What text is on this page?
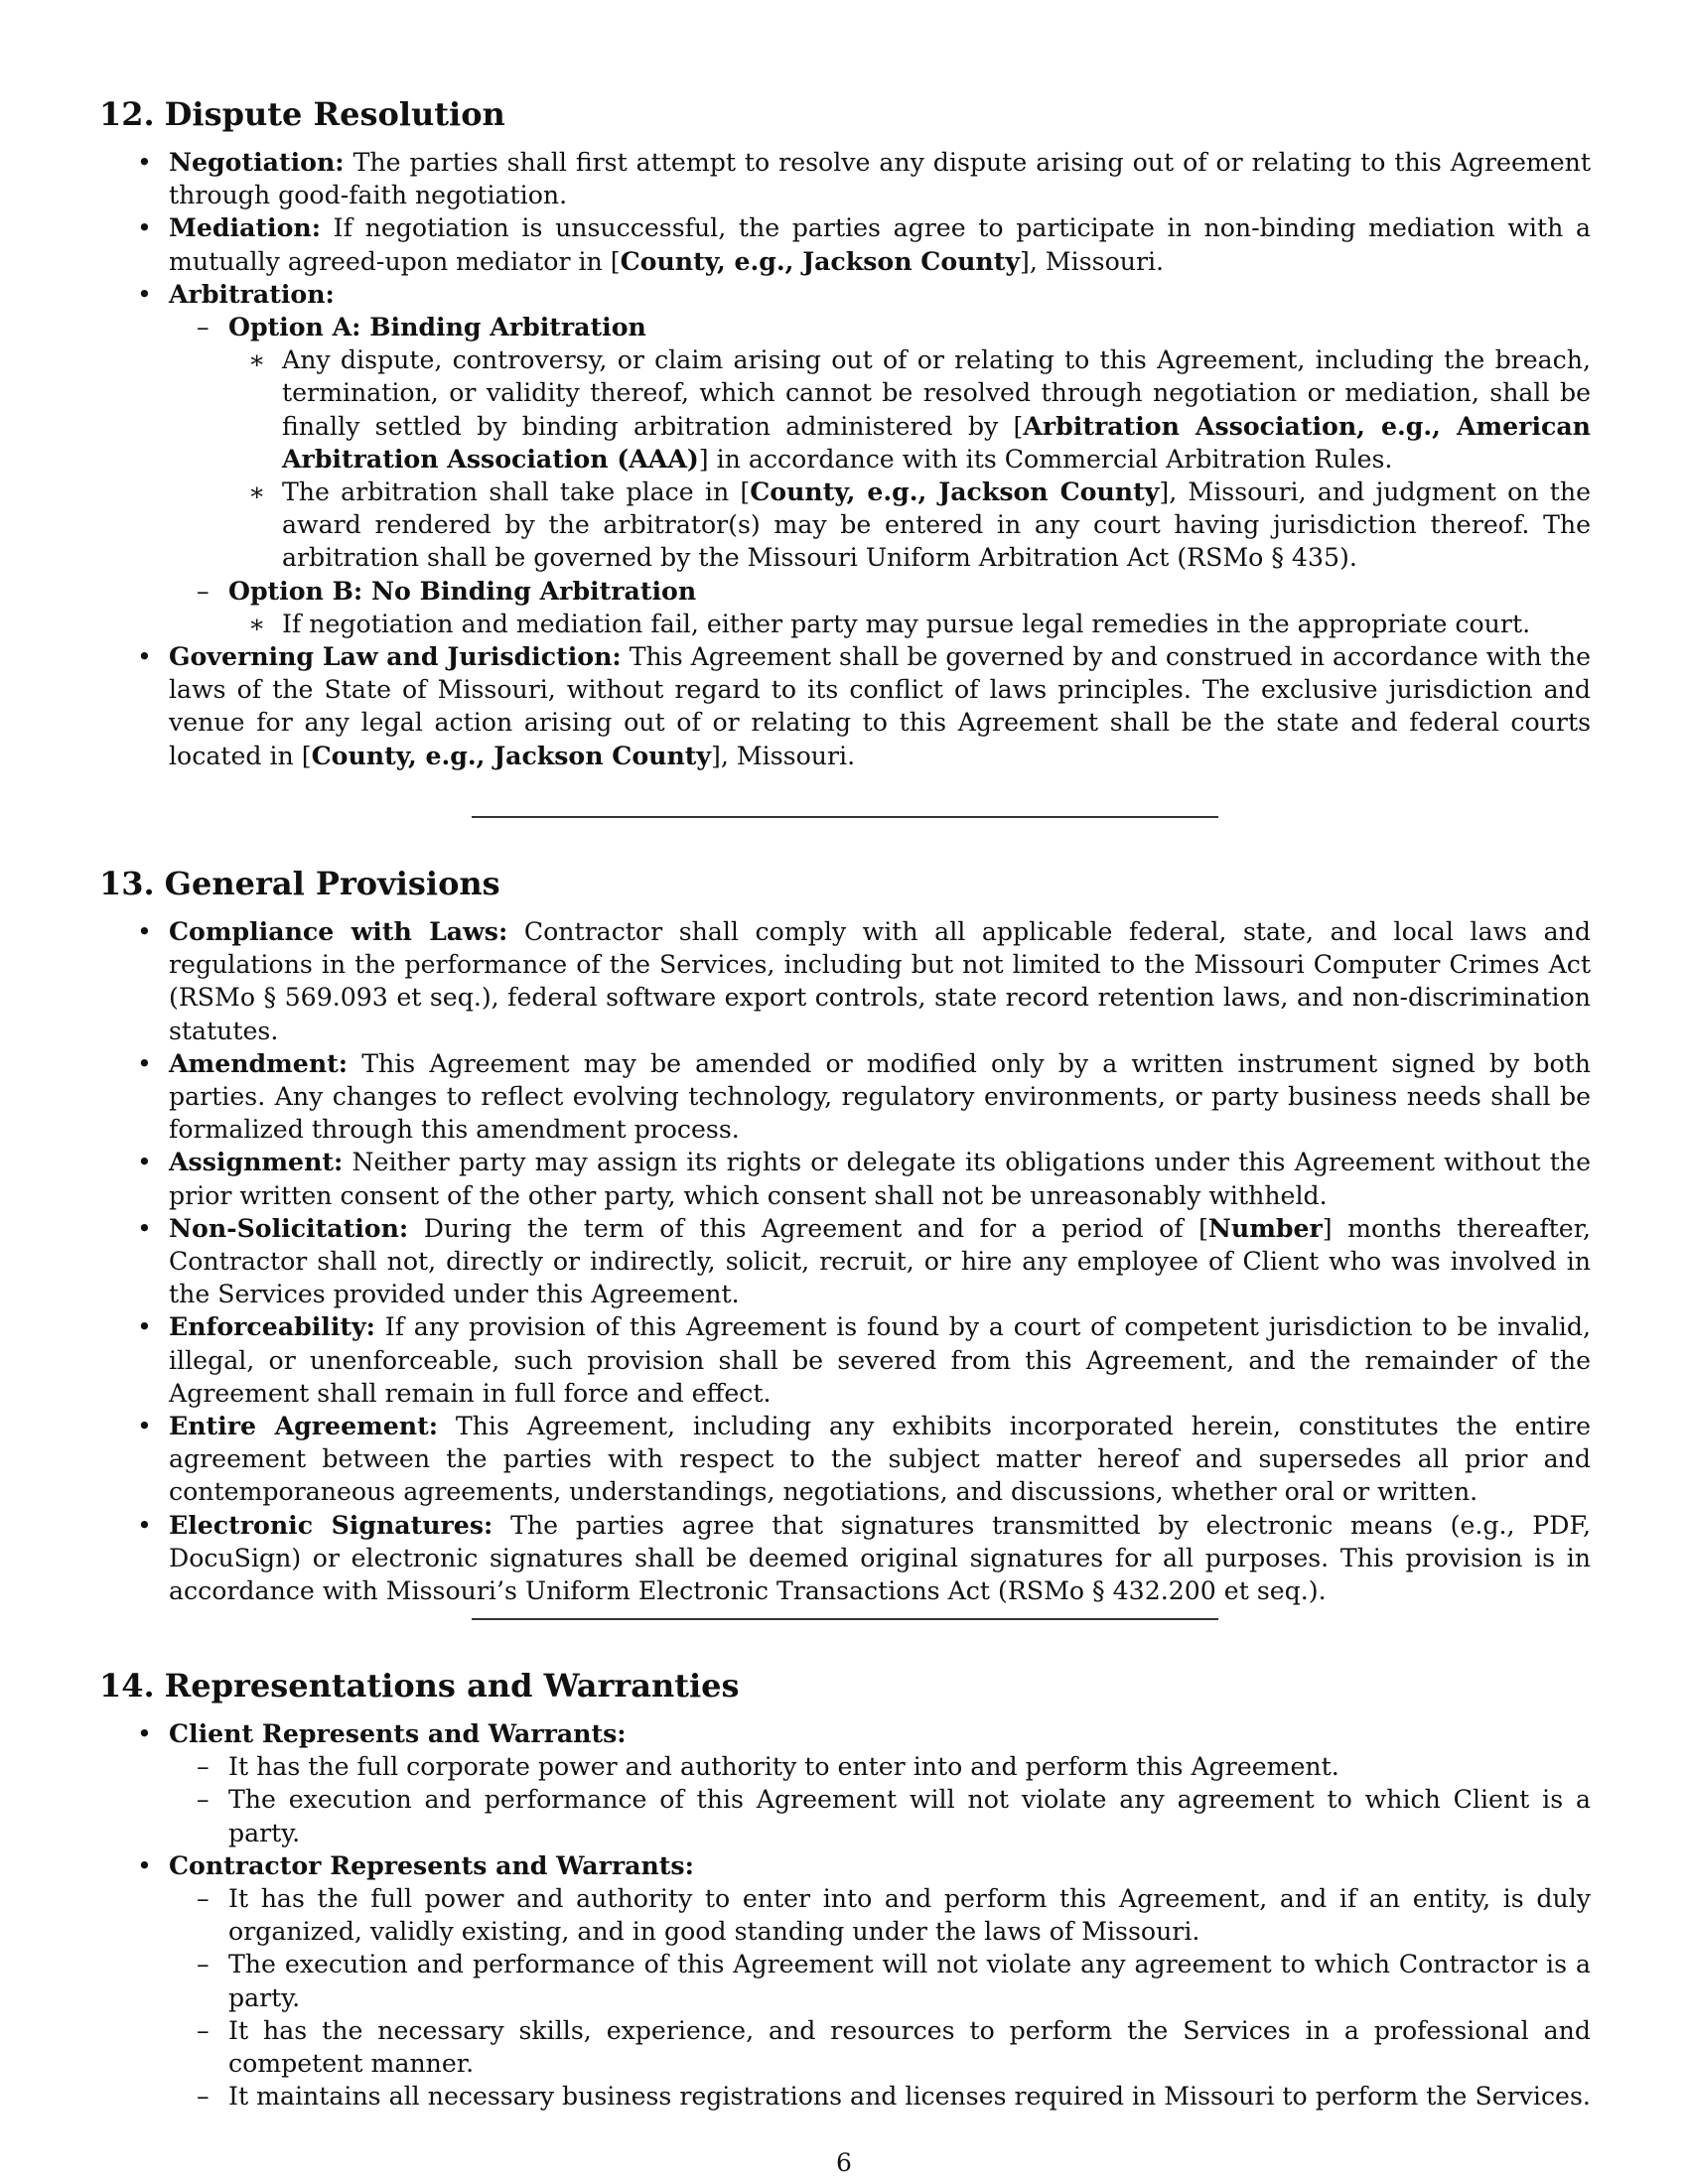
12. Dispute Resolution
• Negotiation: The parties shall first attempt to resolve any dispute arising out of or relating to this Agreement through good-faith negotiation.
• Mediation: If negotiation is unsuccessful, the parties agree to participate in non-binding mediation with a mutually agreed-upon mediator in [County, e.g., Jackson County], Missouri.
• Arbitration:
– Option A: Binding Arbitration
∗ Any dispute, controversy, or claim arising out of or relating to this Agreement, including the breach, termination, or validity thereof, which cannot be resolved through negotiation or mediation, shall be finally settled by binding arbitration administered by [Arbitration Association, e.g., American Arbitration Association (AAA)] in accordance with its Commercial Arbitration Rules.
∗ The arbitration shall take place in [County, e.g., Jackson County], Missouri, and judgment on the award rendered by the arbitrator(s) may be entered in any court having jurisdiction thereof. The arbitration shall be governed by the Missouri Uniform Arbitration Act (RSMo § 435).
– Option B: No Binding Arbitration
∗ If negotiation and mediation fail, either party may pursue legal remedies in the appropriate court.
• Governing Law and Jurisdiction: This Agreement shall be governed by and construed in accordance with the laws of the State of Missouri, without regard to its conflict of laws principles. The exclusive jurisdiction and venue for any legal action arising out of or relating to this Agreement shall be the state and federal courts located in [County, e.g., Jackson County], Missouri.
13. General Provisions
• Compliance with Laws: Contractor shall comply with all applicable federal, state, and local laws and regulations in the performance of the Services, including but not limited to the Missouri Computer Crimes Act (RSMo § 569.093 et seq.), federal software export controls, state record retention laws, and non-discrimination statutes.
• Amendment: This Agreement may be amended or modified only by a written instrument signed by both parties. Any changes to reflect evolving technology, regulatory environments, or party business needs shall be formalized through this amendment process.
• Assignment: Neither party may assign its rights or delegate its obligations under this Agreement without the prior written consent of the other party, which consent shall not be unreasonably withheld.
• Non-Solicitation: During the term of this Agreement and for a period of [Number] months thereafter, Contractor shall not, directly or indirectly, solicit, recruit, or hire any employee of Client who was involved in the Services provided under this Agreement.
• Enforceability: If any provision of this Agreement is found by a court of competent jurisdiction to be invalid, illegal, or unenforceable, such provision shall be severed from this Agreement, and the remainder of the Agreement shall remain in full force and effect.
• Entire Agreement: This Agreement, including any exhibits incorporated herein, constitutes the entire agreement between the parties with respect to the subject matter hereof and supersedes all prior and contemporaneous agreements, understandings, negotiations, and discussions, whether oral or written.
• Electronic Signatures: The parties agree that signatures transmitted by electronic means (e.g., PDF, DocuSign) or electronic signatures shall be deemed original signatures for all purposes. This provision is in accordance with Missouri’s Uniform Electronic Transactions Act (RSMo § 432.200 et seq.).
14. Representations and Warranties
• Client Represents and Warrants:
– It has the full corporate power and authority to enter into and perform this Agreement.
– The execution and performance of this Agreement will not violate any agreement to which Client is a party.
• Contractor Represents and Warrants:
– It has the full power and authority to enter into and perform this Agreement, and if an entity, is duly organized, validly existing, and in good standing under the laws of Missouri.
– The execution and performance of this Agreement will not violate any agreement to which Contractor is a party.
– It has the necessary skills, experience, and resources to perform the Services in a professional and competent manner.
– It maintains all necessary business registrations and licenses required in Missouri to perform the Services.
6
